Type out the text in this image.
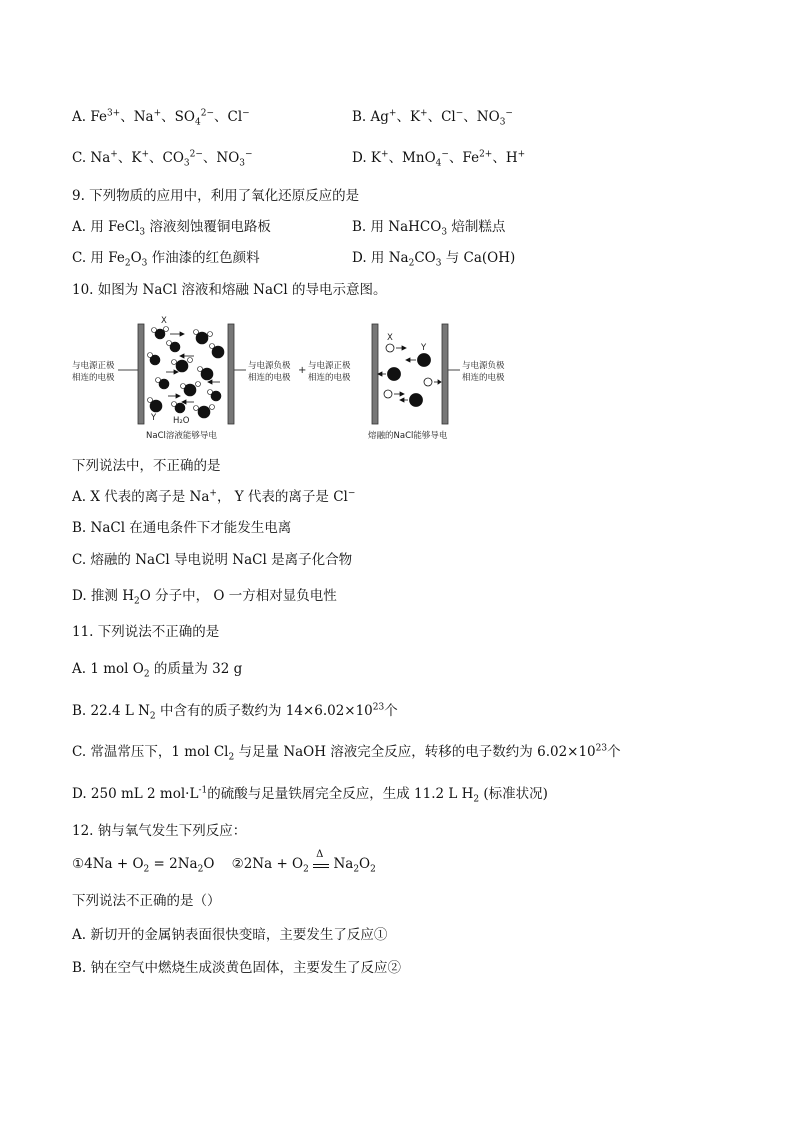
A. $Fe^{3+}$、Na+、$SO_4^{2-}$、Cl−	B. Ag+、K+、Cl−、$NO_3^-$
C. Na+、K+、$CO_3^{2-}$、$NO_3^-$	D. K+、MnO$_4$−、$Fe^{2+}$、H+
9. 下列物质的应用中，利用了氧化还原反应的是
A. 用 FeCl$_3$ 溶液刻蚀覆铜电路板	B. 用 NaHCO$_3$ 焙制糕点
C. 用 $Fe_2O_3$ 作油漆的红色颜料	D. 用 $Na_2CO_3$ 与 Ca(OH)
10. 如图为 NaCl 溶液和熔融 NaCl 的导电示意图。
与电源正极
相连的电极
与电源负极
相连的电极
+ 与电源正极
相连的电极
X
Y H₂O
NaCl溶液能够导电
与电源负极
相连的电极
X
Y
熔融的NaCl能够导电
下列说法中，不正确的是
A. X 代表的离子是 Na+， Y 代表的离子是 Cl−
B. NaCl 在通电条件下才能发生电离
C. 熔融的 NaCl 导电说明 NaCl 是离子化合物
D. 推测 $H_2O$ 分子中， O 一方相对显负电性
11. 下列说法不正确的是
A. 1 mol $O_2$ 的质量为 32 g
B. 22.4 L $N_2$ 中含有的质子数约为 $14\times 6.02\times 10^{23}$个
C. 常温常压下，1 mol $Cl_2$ 与足量 NaOH 溶液完全反应，转移的电子数约为 $6.02\times 10^{23}$个
D. 250 mL 2 $mol\cdot L^{-1}$的硫酸与足量铁屑完全反应，生成 11.2 L $H_2$ (标准状况)
12. 钠与氧气发生下列反应：
①4Na + $O_2 = 2Na_2O$ ②2Na + $O_2$
Δ
$Na_2O_2$
下列说法不正确的是（）
A. 新切开的金属钠表面很快变暗，主要发生了反应①
B. 钠在空气中燃烧生成淡黄色固体，主要发生了反应②
